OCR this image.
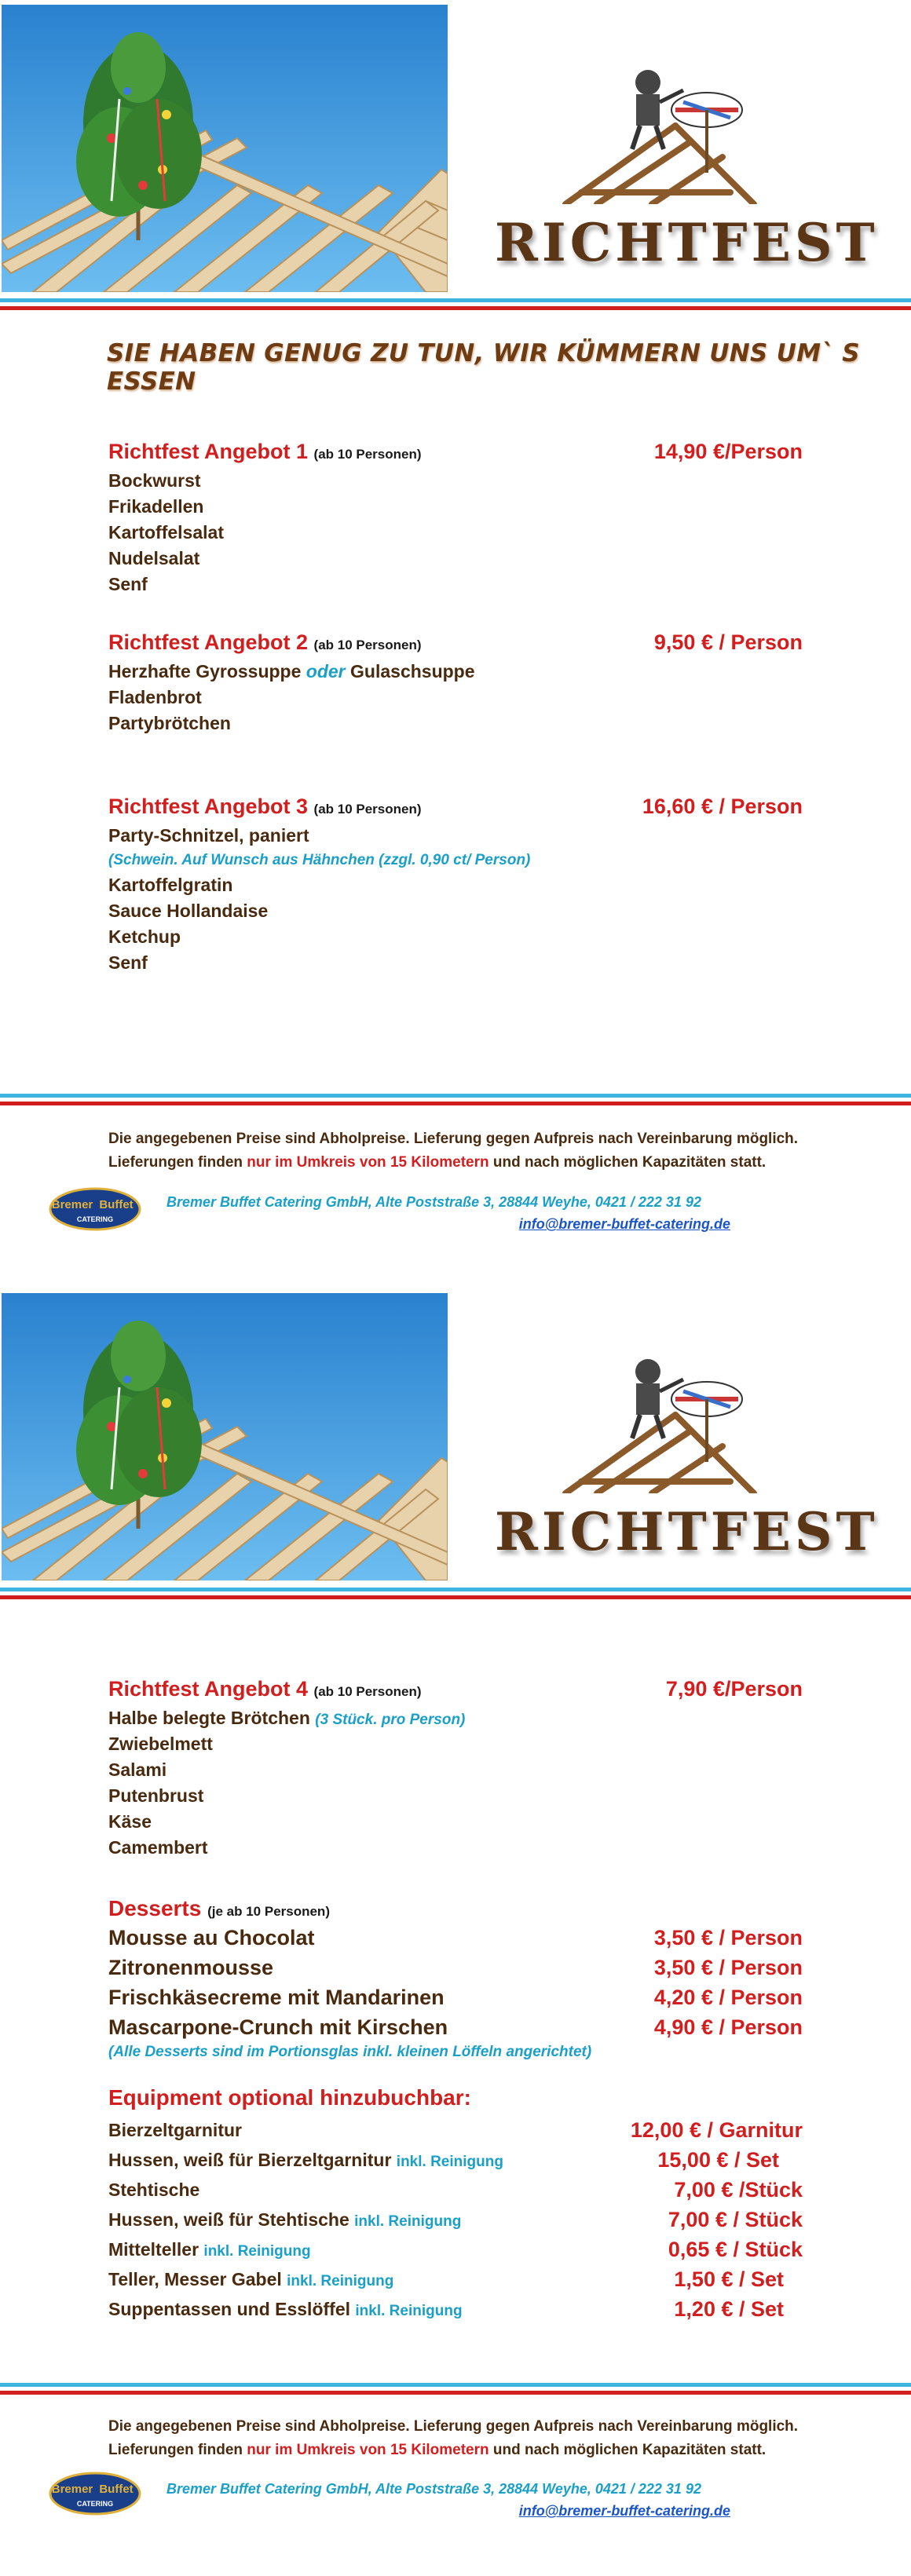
RICHTFEST
SIE HABEN GENUG ZU TUN, WIR KÜMMERN UNS UM` S ESSEN
Richtfest Angebot 1 (ab 10 Personen)	14,90 €/Person
Bockwurst
Frikadellen
Kartoffelsalat
Nudelsalat
Senf
Richtfest Angebot 2 (ab 10 Personen)	9,50 € / Person
Herzhafte Gyrossuppe oder Gulaschsuppe
Fladenbrot
Partybrötchen
Richtfest Angebot 3 (ab 10 Personen)	16,60 € / Person
Party-Schnitzel, paniert
(Schwein. Auf Wunsch aus Hähnchen (zzgl. 0,90 ct/ Person)
Kartoffelgratin
Sauce Hollandaise
Ketchup
Senf
Die angegebenen Preise sind Abholpreise. Lieferung gegen Aufpreis nach Vereinbarung möglich.
Lieferungen finden nur im Umkreis von 15 Kilometern und nach möglichen Kapazitäten statt.
Bremer Buffet
CATERING
Bremer Buffet Catering GmbH, Alte Poststraße 3, 28844 Weyhe, 0421 / 222 31 92
info@bremer-buffet-catering.de
RICHTFEST
Richtfest Angebot 4 (ab 10 Personen)	7,90 €/Person
Halbe belegte Brötchen (3 Stück. pro Person)
Zwiebelmett
Salami
Putenbrust
Käse
Camembert
Desserts (je ab 10 Personen)
Mousse au Chocolat	3,50 € / Person
Zitronenmousse	3,50 € / Person
Frischkäsecreme mit Mandarinen	4,20 € / Person
Mascarpone-Crunch mit Kirschen	4,90 € / Person
(Alle Desserts sind im Portionsglas inkl. kleinen Löffeln angerichtet)
Equipment optional hinzubuchbar:
Bierzeltgarnitur	12,00 € / Garnitur
Hussen, weiß für Bierzeltgarnitur inkl. Reinigung	15,00 € / Set
Stehtische	7,00 € /Stück
Hussen, weiß für Stehtische inkl. Reinigung	7,00 € / Stück
Mittelteller inkl. Reinigung	0,65 € / Stück
Teller, Messer Gabel inkl. Reinigung	1,50 € / Set
Suppentassen und Esslöffel inkl. Reinigung	1,20 € / Set
Die angegebenen Preise sind Abholpreise. Lieferung gegen Aufpreis nach Vereinbarung möglich.
Lieferungen finden nur im Umkreis von 15 Kilometern und nach möglichen Kapazitäten statt.
Bremer Buffet
CATERING
Bremer Buffet Catering GmbH, Alte Poststraße 3, 28844 Weyhe, 0421 / 222 31 92
info@bremer-buffet-catering.de
